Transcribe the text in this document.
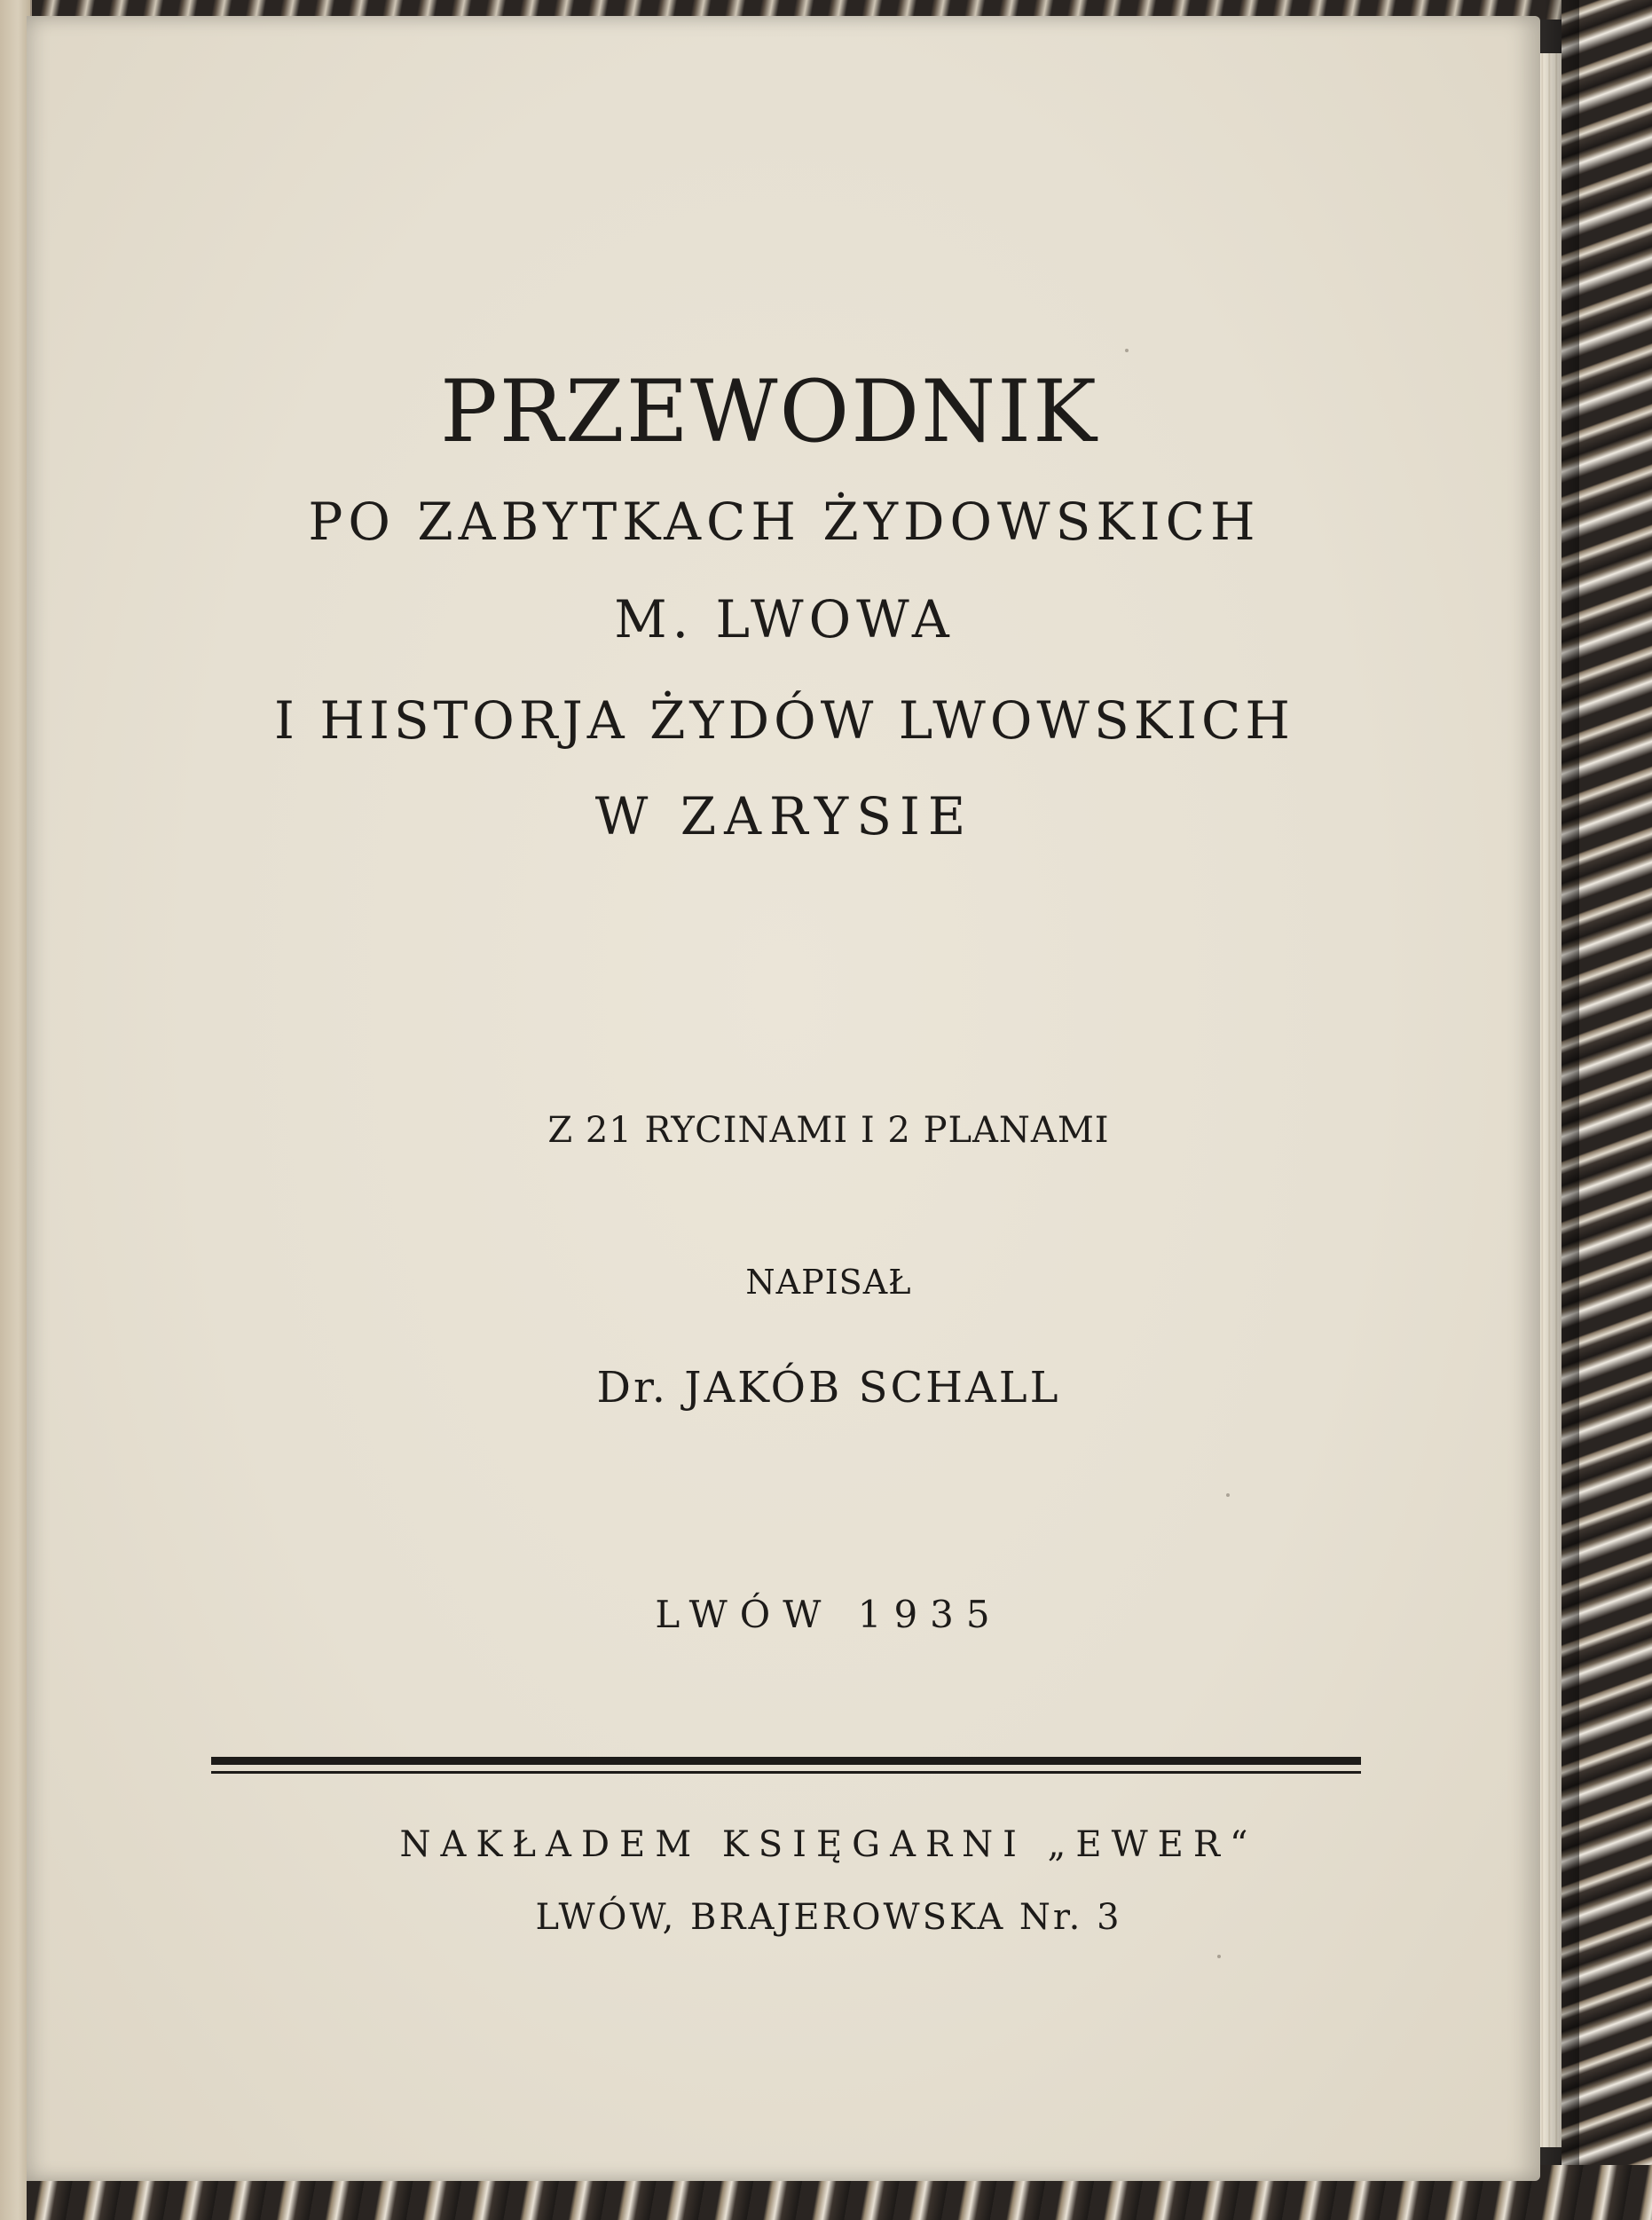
PRZEWODNIK
PO ZABYTKACH ŻYDOWSKICH
M. LWOWA
I HISTORJA ŻYDÓW LWOWSKICH
W ZARYSIE
Z 21 RYCINAMI I 2 PLANAMI
NAPISAŁ
Dr. JAKÓB SCHALL
LWÓW 1935
NAKŁADEM KSIĘGARNI „EWER“
LWÓW, BRAJEROWSKA Nr. 3
